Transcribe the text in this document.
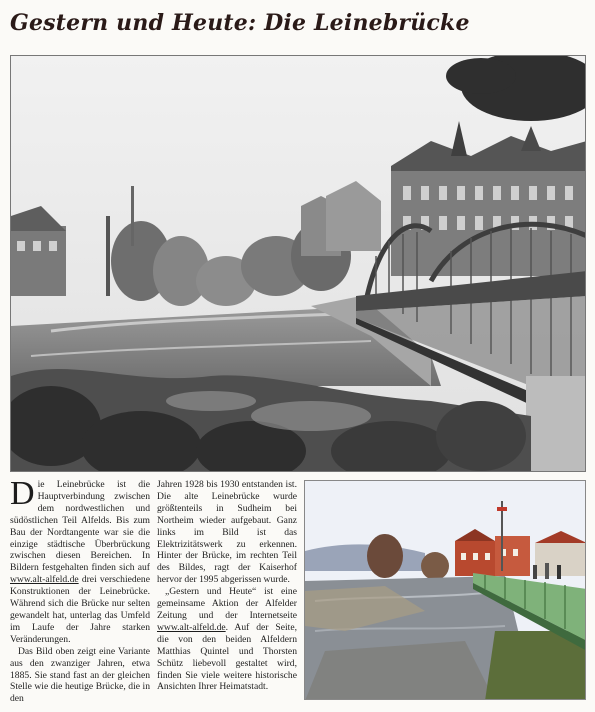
Gestern und Heute: Die Leinebrücke

Die Leinebrücke ist die Hauptverbindung zwischen dem nordwestlichen und südöstlichen Teil Alfelds. Bis zum Bau der Nordtangente war sie die einzige städtische Überbrückung zwischen diesen Bereichen. In Bildern festgehalten finden sich auf www.alt-alfeld.de drei verschiedene Konstruktionen der Leinebrücke. Während sich die Brücke nur selten gewandelt hat, unterlag das Umfeld im Laufe der Jahre starken Veränderungen.

Das Bild oben zeigt eine Variante aus den zwanziger Jahren, etwa 1885. Sie stand fast an der gleichen Stelle wie die heutige Brücke, die in den

Jahren 1928 bis 1930 entstanden ist. Die alte Leinebrücke wurde größtenteils in Sudheim bei Northeim wieder aufgebaut. Ganz links im Bild ist das Elektrizitätswerk zu erkennen. Hinter der Brücke, im rechten Teil des Bildes, ragt der Kaiserhof hervor der 1995 abgerissen wurde.

„Gestern und Heute“ ist eine gemeinsame Aktion der Alfelder Zeitung und der Internetseite www.alt-alfeld.de. Auf der Seite, die von den beiden Alfeldern Matthias Quintel und Thorsten Schütz liebevoll gestaltet wird, finden Sie viele weitere historische Ansichten Ihrer Heimatstadt.
